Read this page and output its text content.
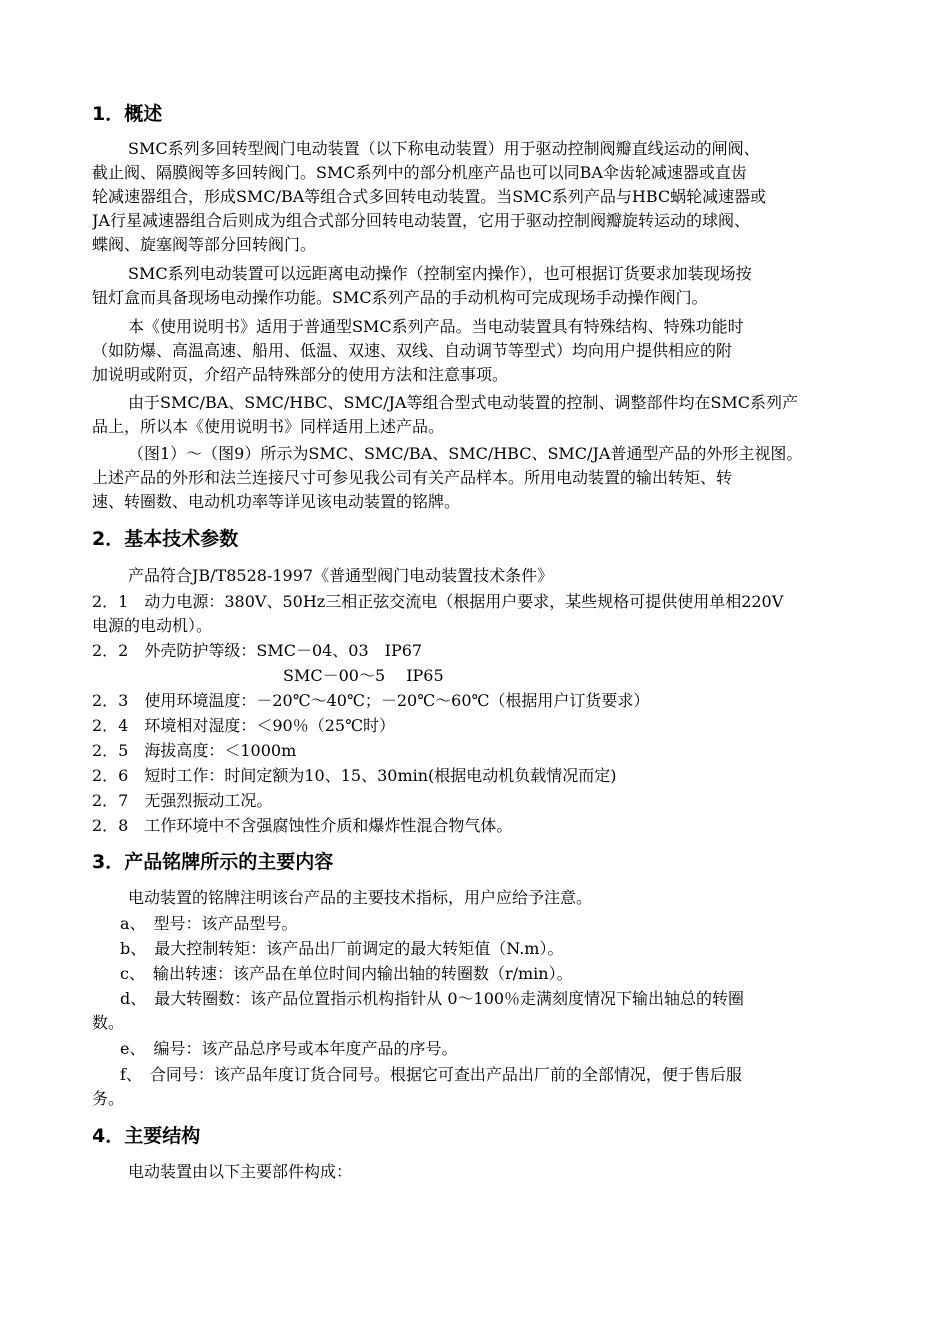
1．概述
SMC系列多回转型阀门电动装置（以下称电动装置）用于驱动控制阀瓣直线运动的闸阀、
截止阀、隔膜阀等多回转阀门。SMC系列中的部分机座产品也可以同BA伞齿轮减速器或直齿
轮减速器组合，形成SMC/BA等组合式多回转电动装置。当SMC系列产品与HBC蜗轮减速器或
JA行星减速器组合后则成为组合式部分回转电动装置，它用于驱动控制阀瓣旋转运动的球阀、
蝶阀、旋塞阀等部分回转阀门。
SMC系列电动装置可以远距离电动操作（控制室内操作），也可根据订货要求加装现场按
钮灯盒而具备现场电动操作功能。SMC系列产品的手动机构可完成现场手动操作阀门。
本《使用说明书》适用于普通型SMC系列产品。当电动装置具有特殊结构、特殊功能时
（如防爆、高温高速、船用、低温、双速、双线、自动调节等型式）均向用户提供相应的附
加说明或附页，介绍产品特殊部分的使用方法和注意事项。
由于SMC/BA、SMC/HBC、SMC/JA等组合型式电动装置的控制、调整部件均在SMC系列产
品上，所以本《使用说明书》同样适用上述产品。
（图1）～（图9）所示为SMC、SMC/BA、SMC/HBC、SMC/JA普通型产品的外形主视图。
上述产品的外形和法兰连接尺寸可参见我公司有关产品样本。所用电动装置的输出转矩、转
速、转圈数、电动机功率等详见该电动装置的铭牌。
2．基本技术参数
产品符合JB/T8528-1997《普通型阀门电动装置技术条件》
2．1　动力电源：380V、50Hz三相正弦交流电（根据用户要求，某些规格可提供使用单相220V
电源的电动机）。
2．2　外壳防护等级：SMC－04、03　IP67
SMC－00～5　 IP65
2．3　使用环境温度：－20℃～40℃；－20℃～60℃（根据用户订货要求）
2．4　环境相对湿度：＜90％（25℃时）
2．5　海拔高度：＜1000m
2．6　短时工作：时间定额为10、15、30min(根据电动机负载情况而定)
2．7　无强烈振动工况。
2．8　工作环境中不含强腐蚀性介质和爆炸性混合物气体。
3．产品铭牌所示的主要内容
电动装置的铭牌注明该台产品的主要技术指标，用户应给予注意。
a、　型号：该产品型号。
b、　最大控制转矩：该产品出厂前调定的最大转矩值（N.m）。
c、　输出转速：该产品在单位时间内输出轴的转圈数（r/min）。
d、　最大转圈数：该产品位置指示机构指针从 0～100％走满刻度情况下输出轴总的转圈
数。
e、　编号：该产品总序号或本年度产品的序号。
f、　合同号：该产品年度订货合同号。根据它可查出产品出厂前的全部情况，便于售后服
务。
4．主要结构
电动装置由以下主要部件构成：
